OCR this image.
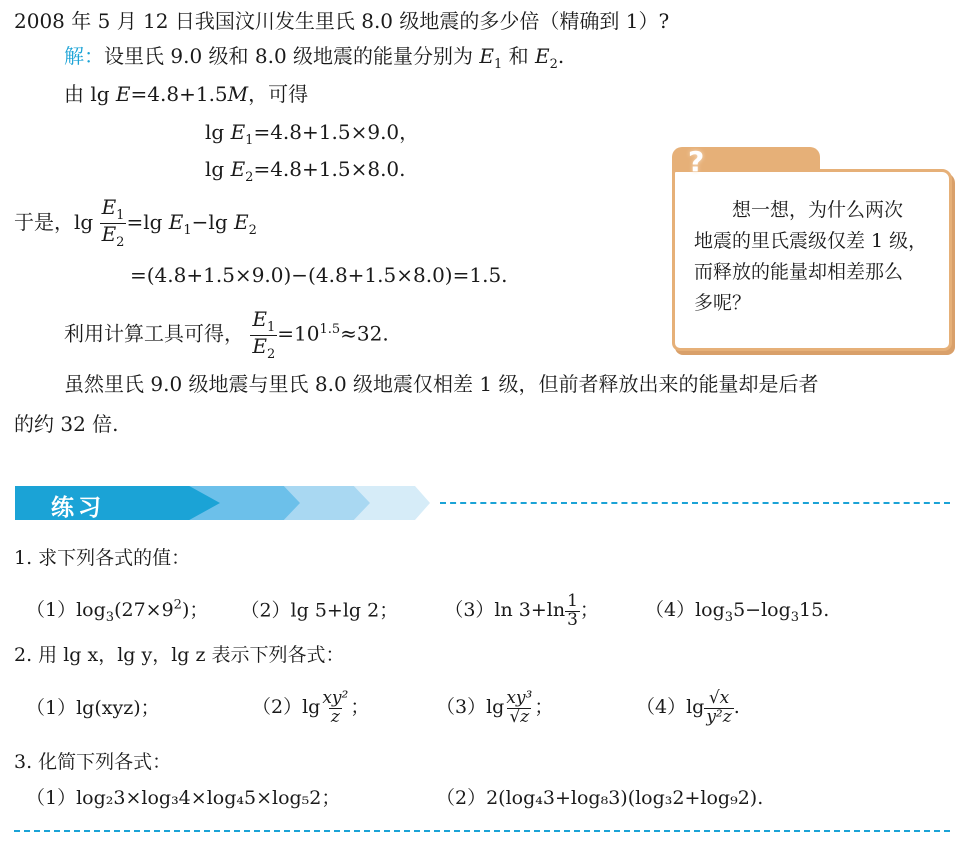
2008 年 5 月 12 日我国汶川发生里氏 8.0 级地震的多少倍（精确到 1）?
解：设里氏 9.0 级和 8.0 级地震的能量分别为 $E_1$ 和 $E_2$.
由 lg E=4.8+1.5M，可得
$\lg E_1=4.8+1.5\times 9.0$，
$\lg E_2=4.8+1.5\times 8.0$.
于是，$\lg \frac{E_1}{E_2} =\lg$ $E_1-\lg$ $E_2$
=(4.8+1.5×9.0)−(4.8+1.5×8.0)=1.5.
利用计算工具可得， $\frac{E_1}{E_2} =10^{1.5}\approx 32$.
虽然里氏 9.0 级地震与里氏 8.0 级地震仅相差 1 级，但前者释放出来的能量却是后者
的约 32 倍.
?
想一想，为什么两次
地震的里氏震级仅差 1 级，
而释放的能量却相差那么
多呢？
练习
1. 求下列各式的值：
$(1)\log_3(27\times 9^2)$； （2）lg 5+lg 2； （3）ln $3+\ln \frac{1}{3}$ ； $(4)\log_35-\log_315$.
2. 用 lg x，lg y，lg z 表示下列各式：
（1）lg(xyz)；	$(2)\lg \frac{\text{xy²}}{z}$ ；	$(3)\lg \frac{\text{xy³}}{√z}$ ；	$(4)\lg \frac{√x}{\text{y²z}}$ .
3. 化简下列各式：
（1）log₂3×log₃4×log₄5×log₅2；	（2）2(log₄3+log₈3)(log₃2+log₉2).
